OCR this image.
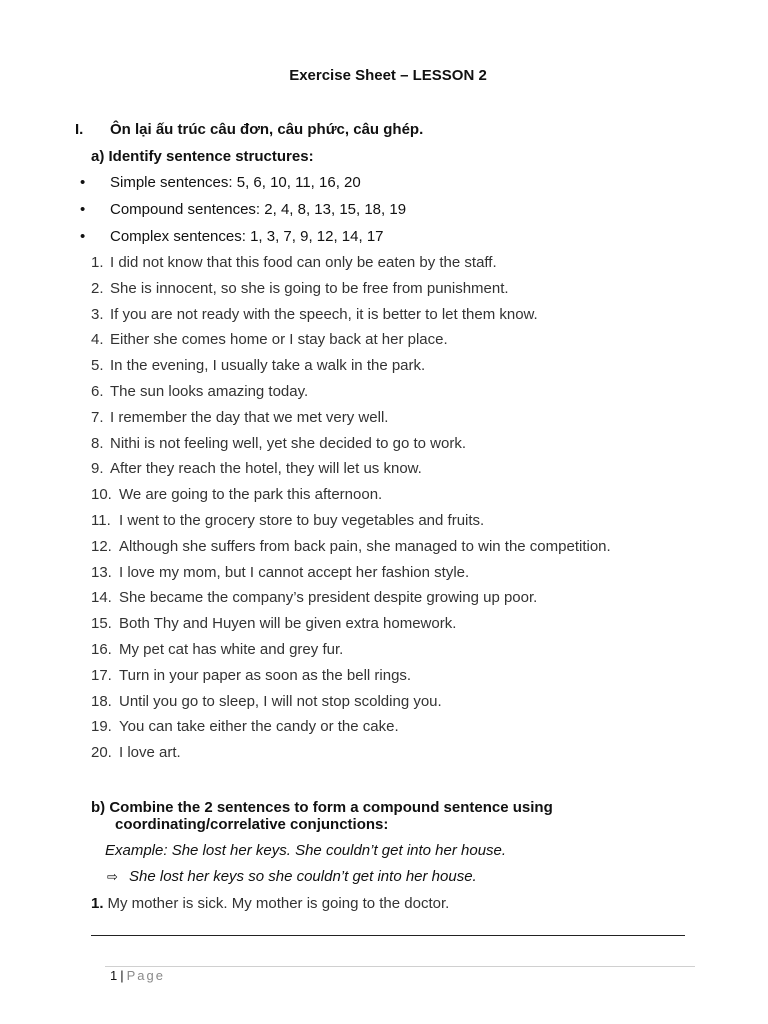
Exercise Sheet – LESSON 2
I. Ôn lại ấu trúc câu đơn, câu phức, câu ghép.
a) Identify sentence structures:
• Simple sentences: 5, 6, 10, 11, 16, 20
• Compound sentences: 2, 4, 8, 13, 15, 18, 19
• Complex sentences: 1, 3, 7, 9, 12, 14, 17
1. I did not know that this food can only be eaten by the staff.
2. She is innocent, so she is going to be free from punishment.
3. If you are not ready with the speech, it is better to let them know.
4. Either she comes home or I stay back at her place.
5. In the evening, I usually take a walk in the park.
6. The sun looks amazing today.
7. I remember the day that we met very well.
8. Nithi is not feeling well, yet she decided to go to work.
9. After they reach the hotel, they will let us know.
10. We are going to the park this afternoon.
11. I went to the grocery store to buy vegetables and fruits.
12. Although she suffers from back pain, she managed to win the competition.
13. I love my mom, but I cannot accept her fashion style.
14. She became the company’s president despite growing up poor.
15. Both Thy and Huyen will be given extra homework.
16. My pet cat has white and grey fur.
17. Turn in your paper as soon as the bell rings.
18. Until you go to sleep, I will not stop scolding you.
19. You can take either the candy or the cake.
20. I love art.
b) Combine the 2 sentences to form a compound sentence using
coordinating/correlative conjunctions:
Example: She lost her keys. She couldn’t get into her house.
⇨ She lost her keys so she couldn’t get into her house.
1. My mother is sick. My mother is going to the doctor.
1 | Page
